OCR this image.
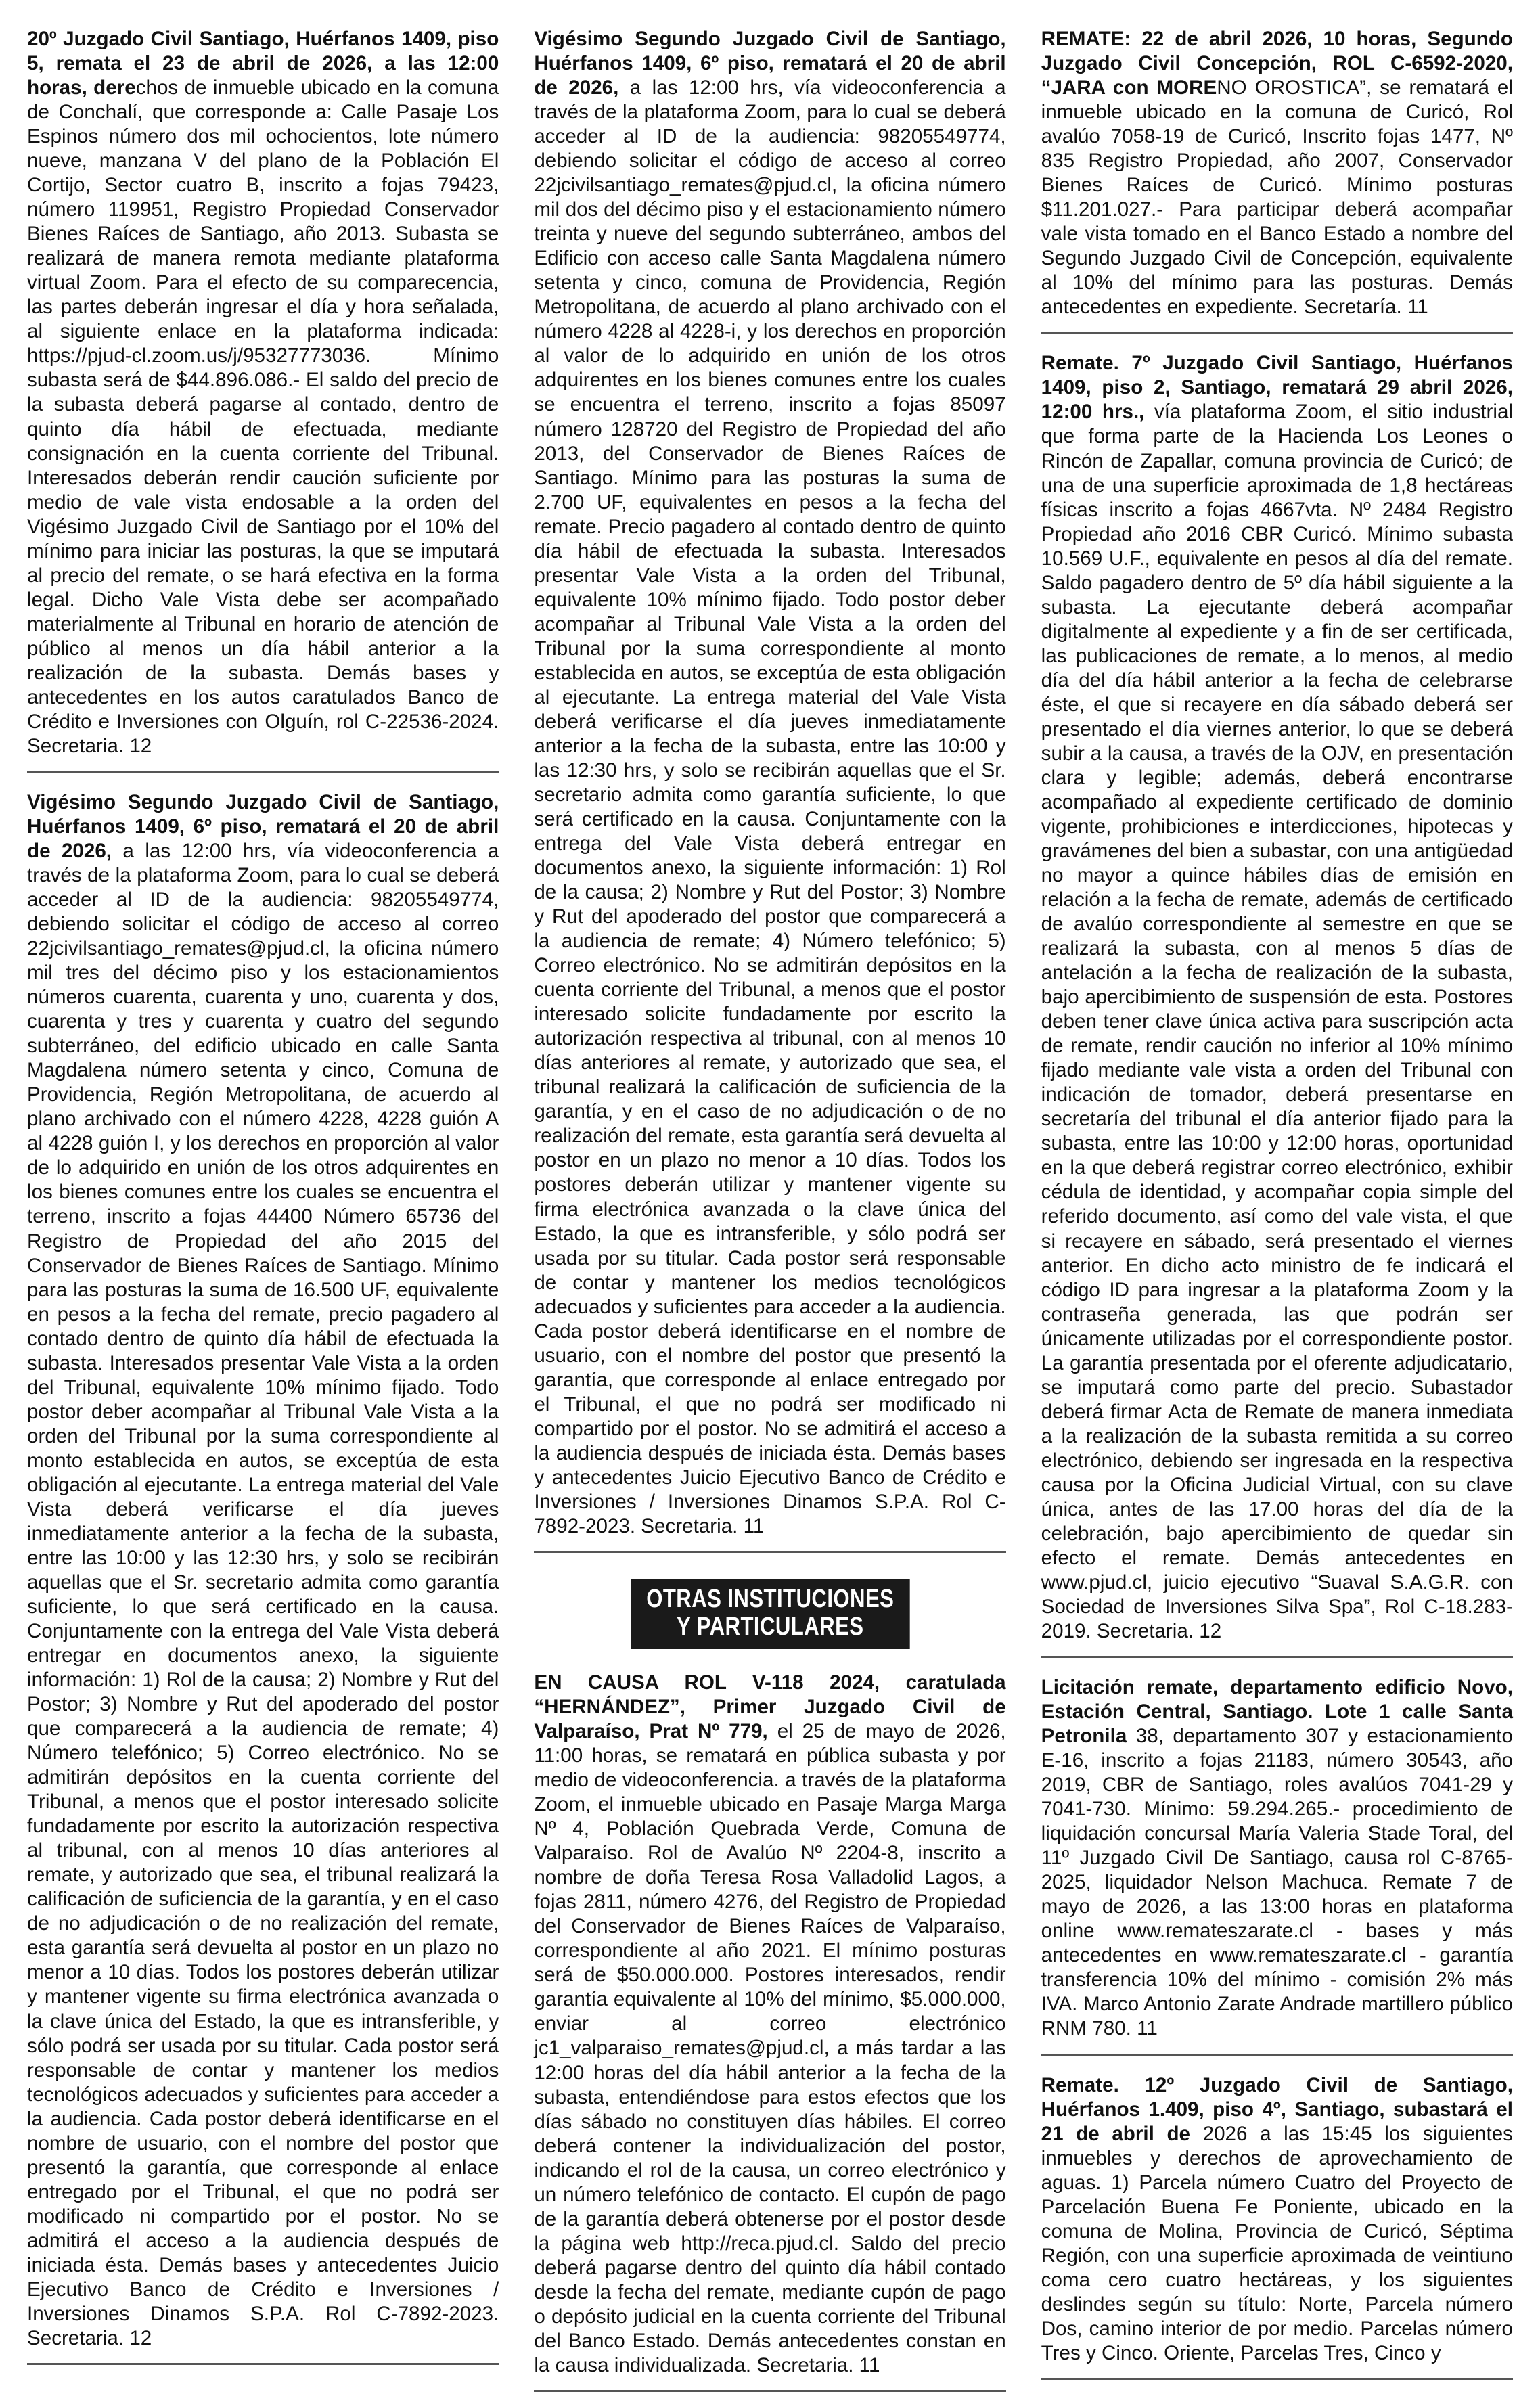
20º Juzgado Civil Santiago, Huérfanos 1409, piso 5, remata el 23 de abril de 2026, a las 12:00 horas, derechos de inmueble ubicado en la comuna de Conchalí, que corresponde a: Calle Pasaje Los Espinos número dos mil ochocientos, lote número nueve, manzana V del plano de la Población El Cortijo, Sector cuatro B, inscrito a fojas 79423, número 119951, Registro Propiedad Conservador Bienes Raíces de Santiago, año 2013. Subasta se realizará de manera remota mediante plataforma virtual Zoom. Para el efecto de su comparecencia, las partes deberán ingresar el día y hora señalada, al siguiente enlace en la plataforma indicada: https://pjud-cl.zoom.us/j/95327773036. Mínimo subasta será de $44.896.086.- El saldo del precio de la subasta deberá pagarse al contado, dentro de quinto día hábil de efectuada, mediante consignación en la cuenta corriente del Tribunal. Interesados deberán rendir caución suficiente por medio de vale vista endosable a la orden del Vigésimo Juzgado Civil de Santiago por el 10% del mínimo para iniciar las posturas, la que se imputará al precio del remate, o se hará efectiva en la forma legal. Dicho Vale Vista debe ser acompañado materialmente al Tribunal en horario de atención de público al menos un día hábil anterior a la realización de la subasta. Demás bases y antecedentes en los autos caratulados Banco de Crédito e Inversiones con Olguín, rol C-22536-2024. Secretaria. 12
Vigésimo Segundo Juzgado Civil de Santiago, Huérfanos 1409, 6º piso, rematará el 20 de abril de 2026, a las 12:00 hrs, vía videoconferencia a través de la plataforma Zoom, para lo cual se deberá acceder al ID de la audiencia: 98205549774, debiendo solicitar el código de acceso al correo 22jcivilsantiago_remates@pjud.cl, la oficina número mil tres del décimo piso y los estacionamientos números cuarenta, cuarenta y uno, cuarenta y dos, cuarenta y tres y cuarenta y cuatro del segundo subterráneo, del edificio ubicado en calle Santa Magdalena número setenta y cinco, Comuna de Providencia, Región Metropolitana, de acuerdo al plano archivado con el número 4228, 4228 guión A al 4228 guión I, y los derechos en proporción al valor de lo adquirido en unión de los otros adquirentes en los bienes comunes entre los cuales se encuentra el terreno, inscrito a fojas 44400 Número 65736 del Registro de Propiedad del año 2015 del Conservador de Bienes Raíces de Santiago. Mínimo para las posturas la suma de 16.500 UF, equivalente en pesos a la fecha del remate, precio pagadero al contado dentro de quinto día hábil de efectuada la subasta. Interesados presentar Vale Vista a la orden del Tribunal, equivalente 10% mínimo fijado. Todo postor deber acompañar al Tribunal Vale Vista a la orden del Tribunal por la suma correspondiente al monto establecida en autos, se exceptúa de esta obligación al ejecutante. La entrega material del Vale Vista deberá verificarse el día jueves inmediatamente anterior a la fecha de la subasta, entre las 10:00 y las 12:30 hrs, y solo se recibirán aquellas que el Sr. secretario admita como garantía suficiente, lo que será certificado en la causa. Conjuntamente con la entrega del Vale Vista deberá entregar en documentos anexo, la siguiente información: 1) Rol de la causa; 2) Nombre y Rut del Postor; 3) Nombre y Rut del apoderado del postor que comparecerá a la audiencia de remate; 4) Número telefónico; 5) Correo electrónico. No se admitirán depósitos en la cuenta corriente del Tribunal, a menos que el postor interesado solicite fundadamente por escrito la autorización respectiva al tribunal, con al menos 10 días anteriores al remate, y autorizado que sea, el tribunal realizará la calificación de suficiencia de la garantía, y en el caso de no adjudicación o de no realización del remate, esta garantía será devuelta al postor en un plazo no menor a 10 días. Todos los postores deberán utilizar y mantener vigente su firma electrónica avanzada o la clave única del Estado, la que es intransferible, y sólo podrá ser usada por su titular. Cada postor será responsable de contar y mantener los medios tecnológicos adecuados y suficientes para acceder a la audiencia. Cada postor deberá identificarse en el nombre de usuario, con el nombre del postor que presentó la garantía, que corresponde al enlace entregado por el Tribunal, el que no podrá ser modificado ni compartido por el postor. No se admitirá el acceso a la audiencia después de iniciada ésta. Demás bases y antecedentes Juicio Ejecutivo Banco de Crédito e Inversiones / Inversiones Dinamos S.P.A. Rol C-7892-2023. Secretaria. 12
Vigésimo Segundo Juzgado Civil de Santiago, Huérfanos 1409, 6º piso, rematará el 20 de abril de 2026, a las 12:00 hrs, vía videoconferencia a través de la plataforma Zoom, para lo cual se deberá acceder al ID de la audiencia: 98205549774, debiendo solicitar el código de acceso al correo 22jcivilsantiago_remates@pjud.cl, la oficina número mil dos del décimo piso y el estacionamiento número treinta y nueve del segundo subterráneo, ambos del Edificio con acceso calle Santa Magdalena número setenta y cinco, comuna de Providencia, Región Metropolitana, de acuerdo al plano archivado con el número 4228 al 4228-i, y los derechos en proporción al valor de lo adquirido en unión de los otros adquirentes en los bienes comunes entre los cuales se encuentra el terreno, inscrito a fojas 85097 número 128720 del Registro de Propiedad del año 2013, del Conservador de Bienes Raíces de Santiago. Mínimo para las posturas la suma de 2.700 UF, equivalentes en pesos a la fecha del remate. Precio pagadero al contado dentro de quinto día hábil de efectuada la subasta. Interesados presentar Vale Vista a la orden del Tribunal, equivalente 10% mínimo fijado. Todo postor deber acompañar al Tribunal Vale Vista a la orden del Tribunal por la suma correspondiente al monto establecida en autos, se exceptúa de esta obligación al ejecutante. La entrega material del Vale Vista deberá verificarse el día jueves inmediatamente anterior a la fecha de la subasta, entre las 10:00 y las 12:30 hrs, y solo se recibirán aquellas que el Sr. secretario admita como garantía suficiente, lo que será certificado en la causa. Conjuntamente con la entrega del Vale Vista deberá entregar en documentos anexo, la siguiente información: 1) Rol de la causa; 2) Nombre y Rut del Postor; 3) Nombre y Rut del apoderado del postor que comparecerá a la audiencia de remate; 4) Número telefónico; 5) Correo electrónico. No se admitirán depósitos en la cuenta corriente del Tribunal, a menos que el postor interesado solicite fundadamente por escrito la autorización respectiva al tribunal, con al menos 10 días anteriores al remate, y autorizado que sea, el tribunal realizará la calificación de suficiencia de la garantía, y en el caso de no adjudicación o de no realización del remate, esta garantía será devuelta al postor en un plazo no menor a 10 días. Todos los postores deberán utilizar y mantener vigente su firma electrónica avanzada o la clave única del Estado, la que es intransferible, y sólo podrá ser usada por su titular. Cada postor será responsable de contar y mantener los medios tecnológicos adecuados y suficientes para acceder a la audiencia. Cada postor deberá identificarse en el nombre de usuario, con el nombre del postor que presentó la garantía, que corresponde al enlace entregado por el Tribunal, el que no podrá ser modificado ni compartido por el postor. No se admitirá el acceso a la audiencia después de iniciada ésta. Demás bases y antecedentes Juicio Ejecutivo Banco de Crédito e Inversiones / Inversiones Dinamos S.P.A. Rol C-7892-2023. Secretaria. 11
OTRAS INSTITUCIONES
Y PARTICULARES
EN CAUSA ROL V-118 2024, caratulada “HERNÁNDEZ”, Primer Juzgado Civil de Valparaíso, Prat Nº 779, el 25 de mayo de 2026, 11:00 horas, se rematará en pública subasta y por medio de videoconferencia. a través de la plataforma Zoom, el inmueble ubicado en Pasaje Marga Marga Nº 4, Población Quebrada Verde, Comuna de Valparaíso. Rol de Avalúo Nº 2204-8, inscrito a nombre de doña Teresa Rosa Valladolid Lagos, a fojas 2811, número 4276, del Registro de Propiedad del Conservador de Bienes Raíces de Valparaíso, correspondiente al año 2021. El mínimo posturas será de $50.000.000. Postores interesados, rendir garantía equivalente al 10% del mínimo, $5.000.000, enviar al correo electrónico jc1_valparaiso_remates@pjud.cl, a más tardar a las 12:00 horas del día hábil anterior a la fecha de la subasta, entendiéndose para estos efectos que los días sábado no constituyen días hábiles. El correo deberá contener la individualización del postor, indicando el rol de la causa, un correo electrónico y un número telefónico de contacto. El cupón de pago de la garantía deberá obtenerse por el postor desde la página web http://reca.pjud.cl. Saldo del precio deberá pagarse dentro del quinto día hábil contado desde la fecha del remate, mediante cupón de pago o depósito judicial en la cuenta corriente del Tribunal del Banco Estado. Demás antecedentes constan en la causa individualizada. Secretaria. 11
REMATE: 22 de abril 2026, 10 horas, Segundo Juzgado Civil Concepción, ROL C-6592-2020, “JARA con MORENO OROSTICA”, se rematará el inmueble ubicado en la comuna de Curicó, Rol avalúo 7058-19 de Curicó, Inscrito fojas 1477, Nº 835 Registro Propiedad, año 2007, Conservador Bienes Raíces de Curicó. Mínimo posturas $11.201.027.- Para participar deberá acompañar vale vista tomado en el Banco Estado a nombre del Segundo Juzgado Civil de Concepción, equivalente al 10% del mínimo para las posturas. Demás antecedentes en expediente. Secretaría. 11
Remate. 7º Juzgado Civil Santiago, Huérfanos 1409, piso 2, Santiago, rematará 29 abril 2026, 12:00 hrs., vía plataforma Zoom, el sitio industrial que forma parte de la Hacienda Los Leones o Rincón de Zapallar, comuna provincia de Curicó; de una de una superficie aproximada de 1,8 hectáreas físicas inscrito a fojas 4667vta. Nº 2484 Registro Propiedad año 2016 CBR Curicó. Mínimo subasta 10.569 U.F., equivalente en pesos al día del remate. Saldo pagadero dentro de 5º día hábil siguiente a la subasta. La ejecutante deberá acompañar digitalmente al expediente y a fin de ser certificada, las publicaciones de remate, a lo menos, al medio día del día hábil anterior a la fecha de celebrarse éste, el que si recayere en día sábado deberá ser presentado el día viernes anterior, lo que se deberá subir a la causa, a través de la OJV, en presentación clara y legible; además, deberá encontrarse acompañado al expediente certificado de dominio vigente, prohibiciones e interdicciones, hipotecas y gravámenes del bien a subastar, con una antigüedad no mayor a quince hábiles días de emisión en relación a la fecha de remate, además de certificado de avalúo correspondiente al semestre en que se realizará la subasta, con al menos 5 días de antelación a la fecha de realización de la subasta, bajo apercibimiento de suspensión de esta. Postores deben tener clave única activa para suscripción acta de remate, rendir caución no inferior al 10% mínimo fijado mediante vale vista a orden del Tribunal con indicación de tomador, deberá presentarse en secretaría del tribunal el día anterior fijado para la subasta, entre las 10:00 y 12:00 horas, oportunidad en la que deberá registrar correo electrónico, exhibir cédula de identidad, y acompañar copia simple del referido documento, así como del vale vista, el que si recayere en sábado, será presentado el viernes anterior. En dicho acto ministro de fe indicará el código ID para ingresar a la plataforma Zoom y la contraseña generada, las que podrán ser únicamente utilizadas por el correspondiente postor. La garantía presentada por el oferente adjudicatario, se imputará como parte del precio. Subastador deberá firmar Acta de Remate de manera inmediata a la realización de la subasta remitida a su correo electrónico, debiendo ser ingresada en la respectiva causa por la Oficina Judicial Virtual, con su clave única, antes de las 17.00 horas del día de la celebración, bajo apercibimiento de quedar sin efecto el remate. Demás antecedentes en www.pjud.cl, juicio ejecutivo “Suaval S.A.G.R. con Sociedad de Inversiones Silva Spa”, Rol C-18.283-2019. Secretaria. 12
Licitación remate, departamento edificio Novo, Estación Central, Santiago. Lote 1 calle Santa Petronila 38, departamento 307 y estacionamiento E-16, inscrito a fojas 21183, número 30543, año 2019, CBR de Santiago, roles avalúos 7041-29 y 7041-730. Mínimo: 59.294.265.- procedimiento de liquidación concursal María Valeria Stade Toral, del 11º Juzgado Civil De Santiago, causa rol C-8765-2025, liquidador Nelson Machuca. Remate 7 de mayo de 2026, a las 13:00 horas en plataforma online www.remateszarate.cl - bases y más antecedentes en www.remateszarate.cl - garantía transferencia 10% del mínimo - comisión 2% más IVA. Marco Antonio Zarate Andrade martillero público RNM 780. 11
Remate. 12º Juzgado Civil de Santiago, Huérfanos 1.409, piso 4º, Santiago, subastará el 21 de abril de 2026 a las 15:45 los siguientes inmuebles y derechos de aprovechamiento de aguas. 1) Parcela número Cuatro del Proyecto de Parcelación Buena Fe Poniente, ubicado en la comuna de Molina, Provincia de Curicó, Séptima Región, con una superficie aproximada de veintiuno coma cero cuatro hectáreas, y los siguientes deslindes según su título: Norte, Parcela número Dos, camino interior de por medio. Parcelas número Tres y Cinco. Oriente, Parcelas Tres, Cinco y
